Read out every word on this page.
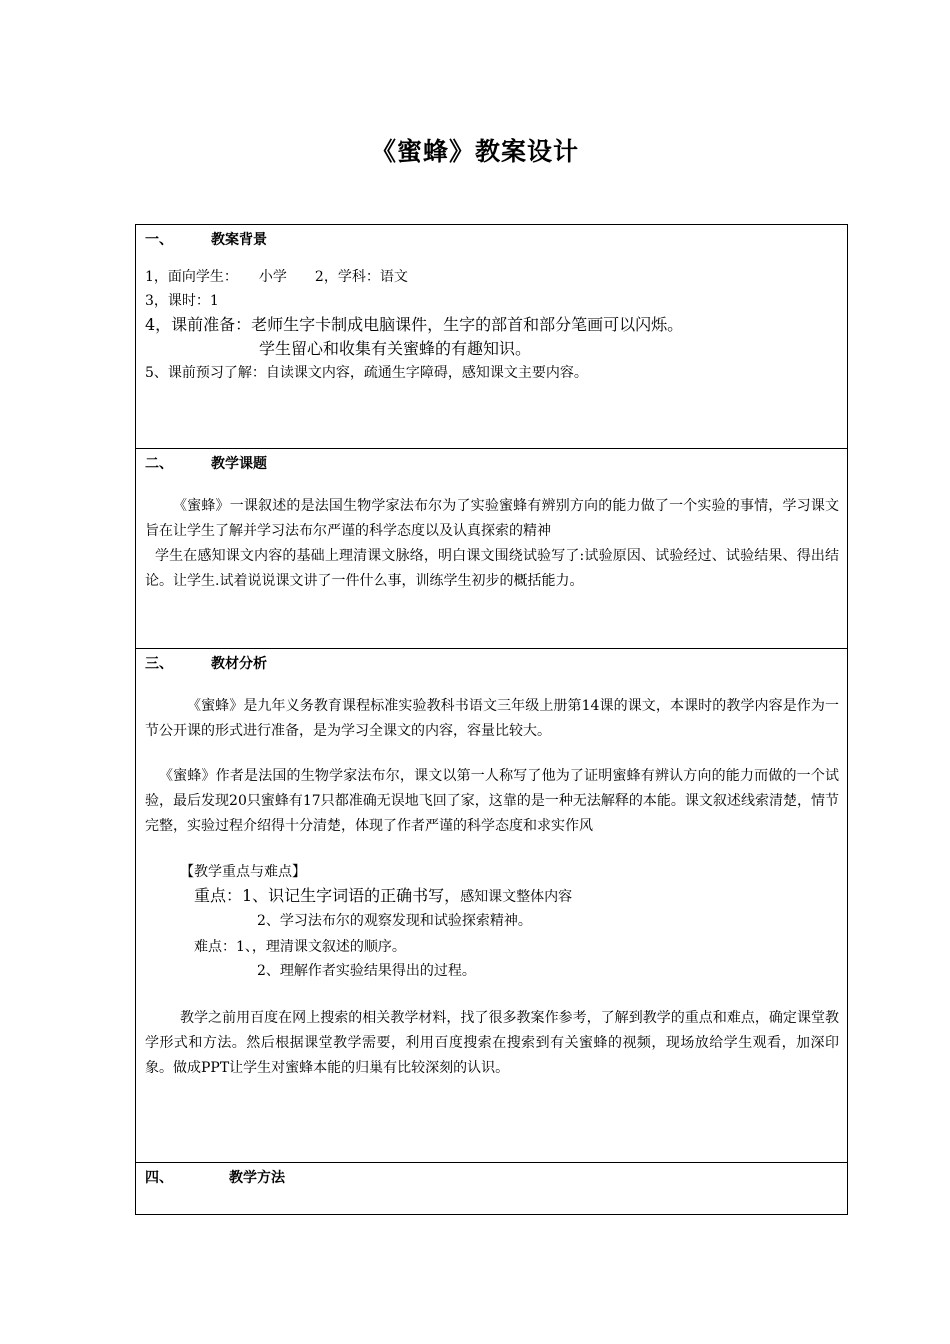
《蜜蜂》教案设计
一、	教案背景
1，面向学生：　　小学　　2，学科：语文
3，课时：1
4，课前准备：老师生字卡制成电脑课件，生字的部首和部分笔画可以闪烁。
学生留心和收集有关蜜蜂的有趣知识。
5、课前预习了解：自读课文内容，疏通生字障碍，感知课文主要内容。

二、	教学课题
《蜜蜂》一课叙述的是法国生物学家法布尔为了实验蜜蜂有辨别方向的能力做了一个实验的事情，学习课文旨在让学生了解并学习法布尔严谨的科学态度以及认真探索的精神
学生在感知课文内容的基础上理清课文脉络，明白课文围绕试验写了:试验原因、试验经过、试验结果、得出结论。让学生.试着说说课文讲了一件什么事，训练学生初步的概括能力。

三、	教材分析
《蜜蜂》是九年义务教育课程标准实验教科书语文三年级上册第14课的课文，本课时的教学内容是作为一节公开课的形式进行准备，是为学习全课文的内容，容量比较大。
《蜜蜂》作者是法国的生物学家法布尔，课文以第一人称写了他为了证明蜜蜂有辨认方向的能力而做的一个试验，最后发现20只蜜蜂有17只都准确无误地飞回了家，这靠的是一种无法解释的本能。课文叙述线索清楚，情节完整，实验过程介绍得十分清楚，体现了作者严谨的科学态度和求实作风
【教学重点与难点】
重点：1、识记生字词语的正确书写，感知课文整体内容
2、学习法布尔的观察发现和试验探索精神。
难点：1、，理清课文叙述的顺序。
2、理解作者实验结果得出的过程。
教学之前用百度在网上搜索的相关教学材料，找了很多教案作参考，了解到教学的重点和难点，确定课堂教学形式和方法。然后根据课堂教学需要，利用百度搜索在搜索到有关蜜蜂的视频，现场放给学生观看，加深印象。做成PPT让学生对蜜蜂本能的归巢有比较深刻的认识。

四、	教学方法
